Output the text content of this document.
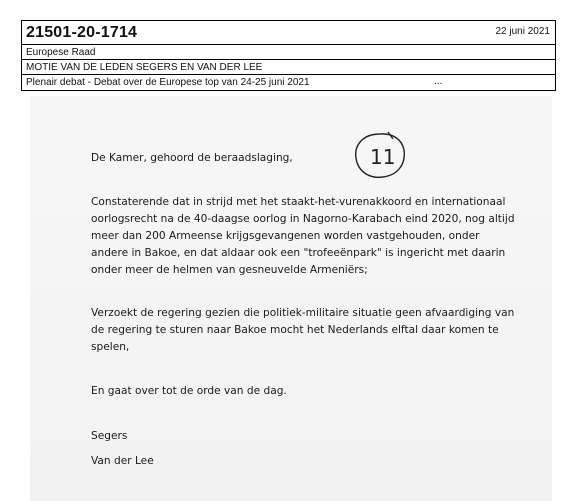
21501-20-1714	22 juni 2021
Europese Raad
MOTIE VAN DE LEDEN SEGERS EN VAN DER LEE
Plenair debat - Debat over de Europese top van 24-25 juni 2021	...
11
De Kamer, gehoord de beraadslaging,
Constaterende dat in strijd met het staakt-het-vurenakkoord en internationaal
oorlogsrecht na de 40-daagse oorlog in Nagorno-Karabach eind 2020, nog altijd
meer dan 200 Armeense krijgsgevangenen worden vastgehouden, onder
andere in Bakoe, en dat aldaar ook een "trofeeënpark" is ingericht met daarin
onder meer de helmen van gesneuvelde Armeniërs;
Verzoekt de regering gezien die politiek-militaire situatie geen afvaardiging van
de regering te sturen naar Bakoe mocht het Nederlands elftal daar komen te
spelen,
En gaat over tot de orde van de dag.
Segers
Van der Lee
